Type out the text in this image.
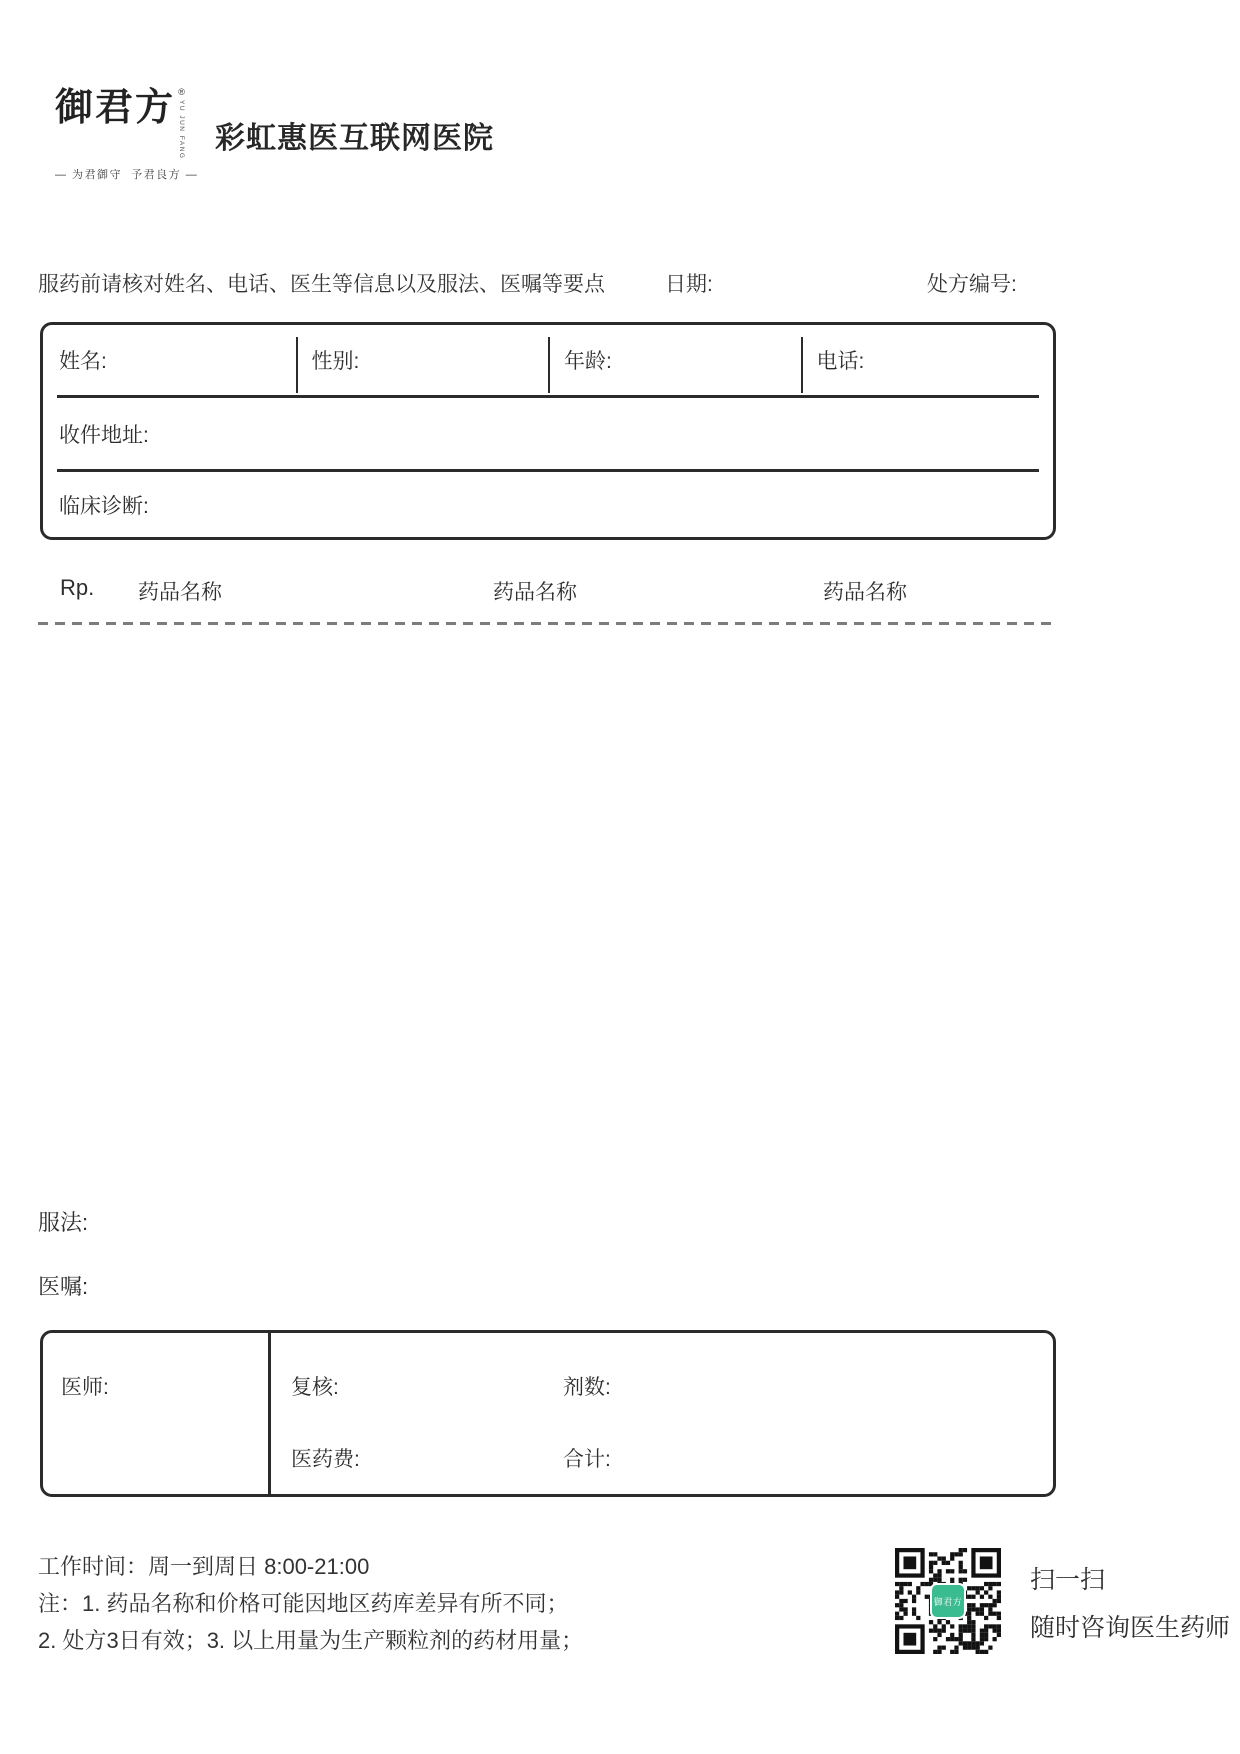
御君方 ®
YU JUN FANG
— 为君御守  予君良方 —
彩虹惠医互联网医院
服药前请核对姓名、电话、医生等信息以及服法、医嘱等要点	日期:	处方编号:
姓名:	性别:	年龄:	电话:
收件地址:
临床诊断:
Rp. 药品名称	药品名称	药品名称
服法:
医嘱:
医师:	复核:	剂数:
医药费:	合计:
工作时间：周一到周日 8:00-21:00
注：1. 药品名称和价格可能因地区药库差异有所不同；
2. 处方3日有效；3. 以上用量为生产颗粒剂的药材用量；
御君方
扫一扫
随时咨询医生药师
